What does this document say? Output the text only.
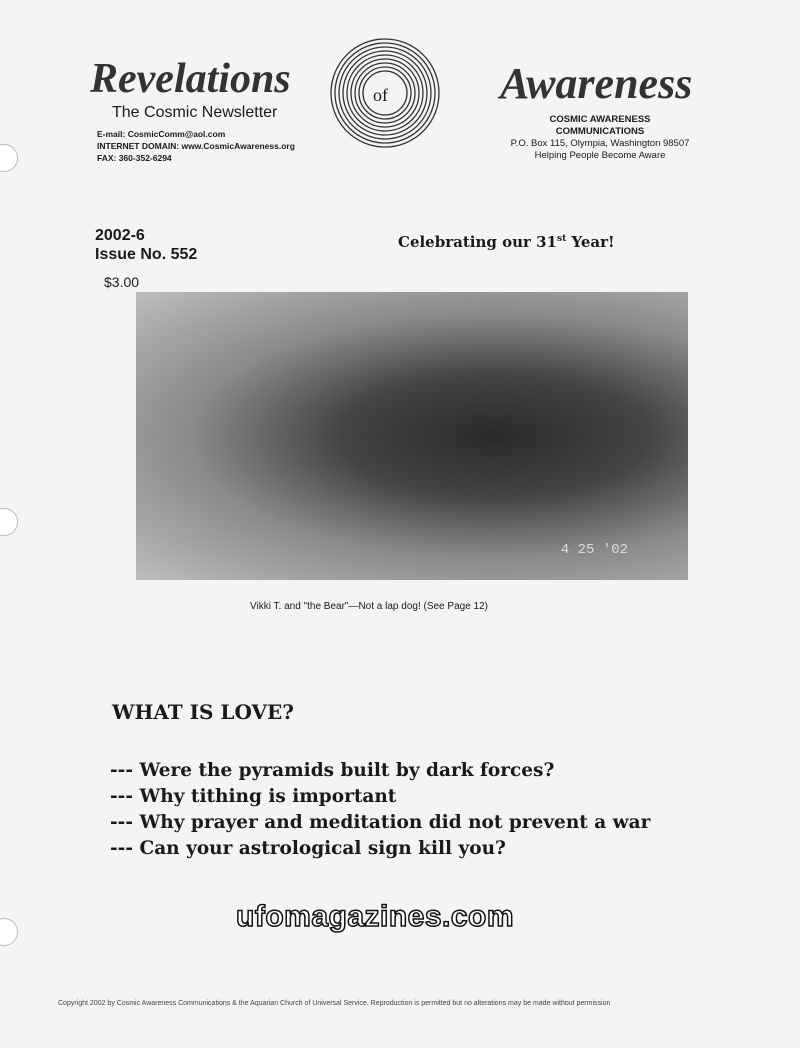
Revelations	of	Awareness
The Cosmic Newsletter
E-mail: CosmicComm@aol.com
INTERNET DOMAIN: www.CosmicAwareness.org
FAX: 360-352-6294
COSMIC AWARENESS COMMUNICATIONS
P.O. Box 115, Olympia, Washington 98507
Helping People Become Aware
2002-6
Issue No. 552
$3.00
Celebrating our 31st Year!
4 25 '02
Vikki T. and "the Bear"—Not a lap dog! (See Page 12)
WHAT IS LOVE?
--- Were the pyramids built by dark forces?
--- Why tithing is important
--- Why prayer and meditation did not prevent a war
--- Can your astrological sign kill you?
ufomagazines.com
Copyright 2002 by Cosmic Awareness Communications & the Aquarian Church of Universal Service. Reproduction is permitted but no alterations may be made without permission
